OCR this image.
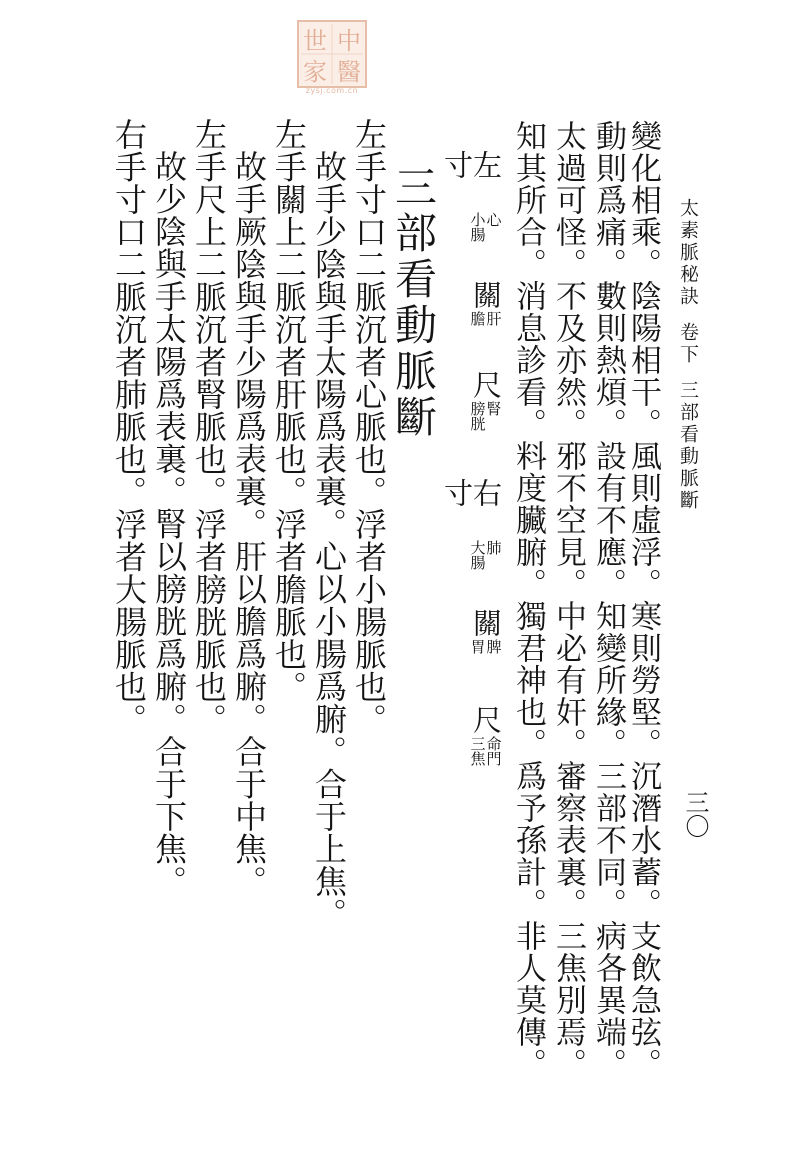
中
醫
世
家
zysj.com.cn
太素脈秘訣卷下三部看動脈斷
三〇
變化相乘。陰陽相干。風則虛浮。寒則勞堅。沉潛水蓄。支飲急弦。
動則爲痛。數則熱煩。設有不應。知變所緣。三部不同。病各異端。
太過可怪。不及亦然。邪不空見。中必有奸。審察表裏。三焦別焉。
知其所合。消息診看。料度臟腑。獨君神也。爲予孫計。非人莫傳。
左寸
心
小腸
關
肝
膽
尺
腎
膀胱
右寸
肺
大腸
關
脾
胃
尺
命門
三焦
三部看動脈斷
左手寸口二脈沉者心脈也。浮者小腸脈也。
故手少陰與手太陽爲表裏。心以小腸爲腑。合于上焦。
左手關上二脈沉者肝脈也。浮者膽脈也。
故手厥陰與手少陽爲表裏。肝以膽爲腑。合于中焦。
左手尺上二脈沉者腎脈也。浮者膀胱脈也。
故少陰與手太陽爲表裏。腎以膀胱爲腑。合于下焦。
右手寸口二脈沉者肺脈也。浮者大腸脈也。
